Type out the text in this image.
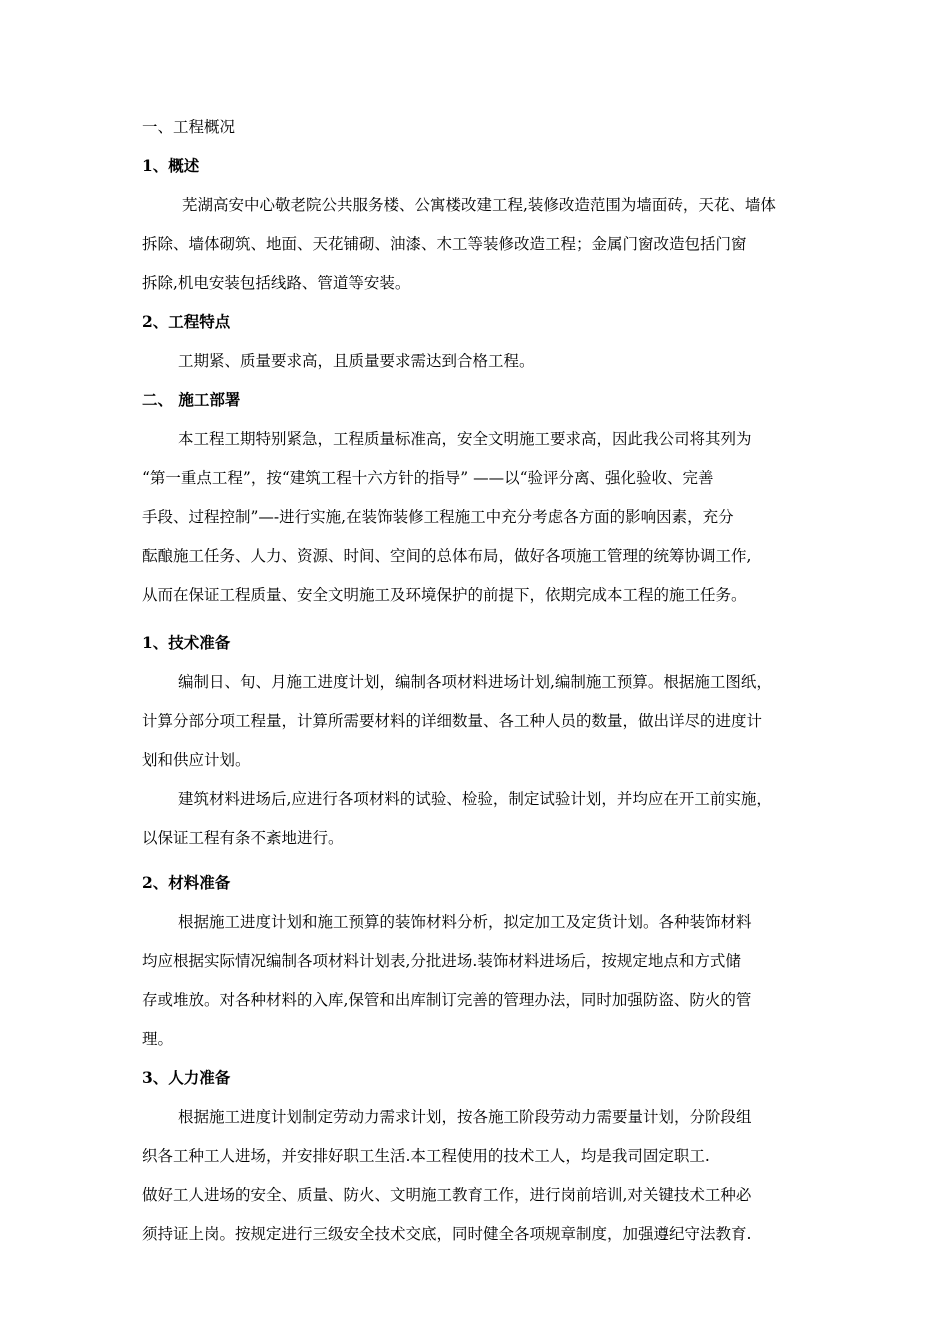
一、工程概况
1、概述
芜湖高安中心敬老院公共服务楼、公寓楼改建工程,装修改造范围为墙面砖，天花、墙体
拆除、墙体砌筑、地面、天花铺砌、油漆、木工等装修改造工程；金属门窗改造包括门窗
拆除,机电安装包括线路、管道等安装。
2、工程特点
工期紧、质量要求高，且质量要求需达到合格工程。
二、 施工部署
本工程工期特别紧急，工程质量标准高，安全文明施工要求高，因此我公司将其列为
“第一重点工程”，按“建筑工程十六方针的指导” ——以“验评分离、强化验收、完善
手段、过程控制”—-进行实施,在装饰装修工程施工中充分考虑各方面的影响因素，充分
酝酿施工任务、人力、资源、时间、空间的总体布局，做好各项施工管理的统筹协调工作,
从而在保证工程质量、安全文明施工及环境保护的前提下，依期完成本工程的施工任务。
1、技术准备
编制日、旬、月施工进度计划，编制各项材料进场计划,编制施工预算。根据施工图纸，
计算分部分项工程量，计算所需要材料的详细数量、各工种人员的数量，做出详尽的进度计
划和供应计划。
建筑材料进场后,应进行各项材料的试验、检验，制定试验计划，并均应在开工前实施，
以保证工程有条不紊地进行。
2、材料准备
根据施工进度计划和施工预算的装饰材料分析，拟定加工及定货计划。各种装饰材料
均应根据实际情况编制各项材料计划表,分批进场.装饰材料进场后，按规定地点和方式储
存或堆放。对各种材料的入库,保管和出库制订完善的管理办法，同时加强防盗、防火的管
理。
3、人力准备
根据施工进度计划制定劳动力需求计划，按各施工阶段劳动力需要量计划，分阶段组
织各工种工人进场，并安排好职工生活.本工程使用的技术工人，均是我司固定职工.
做好工人进场的安全、质量、防火、文明施工教育工作，进行岗前培训,对关键技术工种必
须持证上岗。按规定进行三级安全技术交底，同时健全各项规章制度，加强遵纪守法教育.
